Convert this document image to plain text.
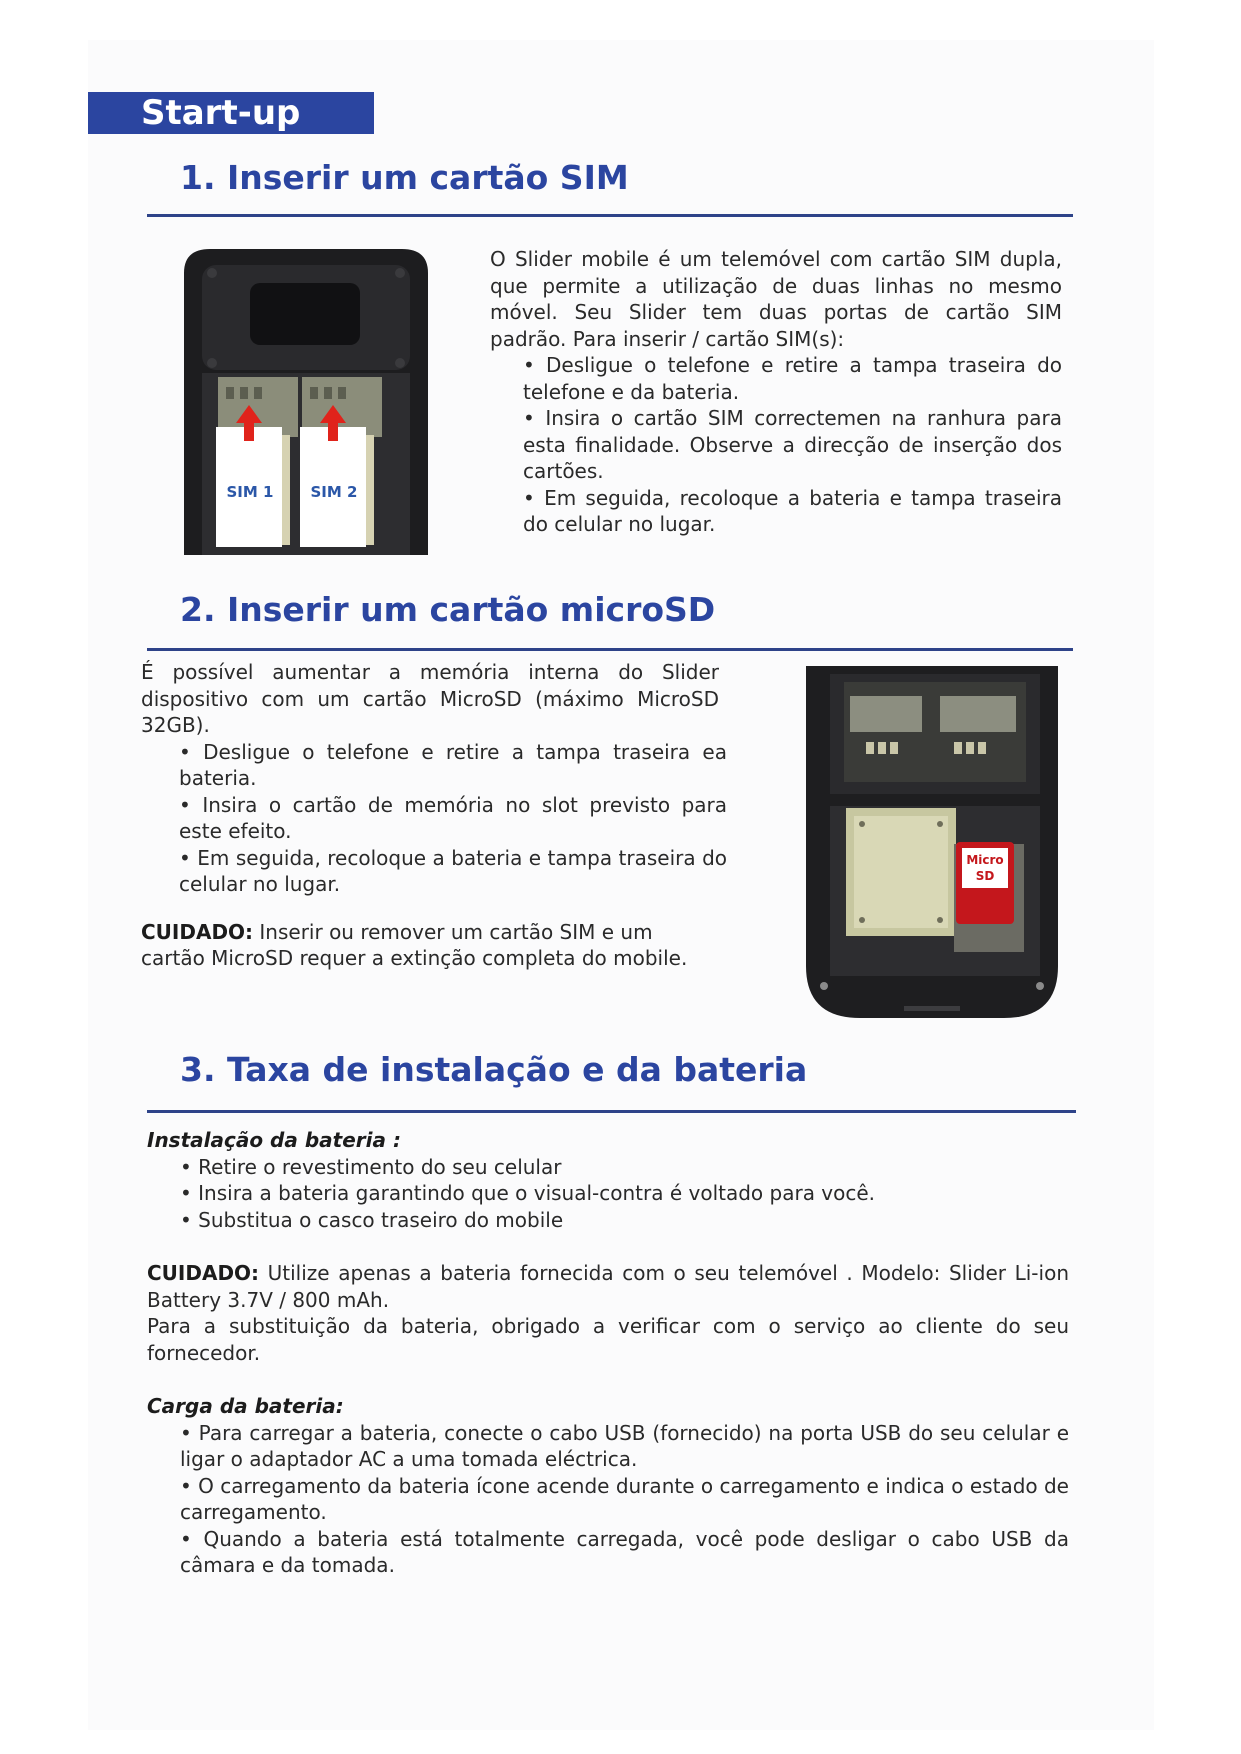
Start-up
1. Inserir um cartão SIM
SIM 1 SIM 2

O Slider mobile é um telemóvel com cartão SIM dupla, que permite a utilização de duas linhas no mesmo móvel. Seu Slider tem duas portas de cartão SIM padrão. Para inserir / cartão SIM(s):

• Desligue o telefone e retire a tampa traseira do telefone e da bateria.
• Insira o cartão SIM correctemen na ranhura para esta finalidade. Observe a direcção de inserção dos cartões.
• Em seguida, recoloque a bateria e tampa traseira do celular no lugar.
2. Inserir um cartão microSD

É possível aumentar a memória interna do Slider dispositivo com um cartão MicroSD (máximo MicroSD 32GB).

• Desligue o telefone e retire a tampa traseira ea bateria.
• Insira o cartão de memória no slot previsto para este efeito.
• Em seguida, recoloque a bateria e tampa traseira do celular no lugar.

CUIDADO: Inserir ou remover um cartão SIM e um cartão MicroSD requer a extinção completa do mobile.

Micro
SD
3. Taxa de instalação e da bateria

Instalação da bateria :

• Retire o revestimento do seu celular
• Insira a bateria garantindo que o visual-contra é voltado para você.
• Substitua o casco traseiro do mobile

CUIDADO: Utilize apenas a bateria fornecida com o seu telemóvel . Modelo: Slider Li-ion Battery 3.7V / 800 mAh.

Para a substituição da bateria, obrigado a verificar com o serviço ao cliente do seu fornecedor.

Carga da bateria:

• Para carregar a bateria, conecte o cabo USB (fornecido) na porta USB do seu celular e ligar o adaptador AC a uma tomada eléctrica.
• O carregamento da bateria ícone acende durante o carregamento e indica o estado de carregamento.
• Quando a bateria está totalmente carregada, você pode desligar o cabo USB da câmara e da tomada.
